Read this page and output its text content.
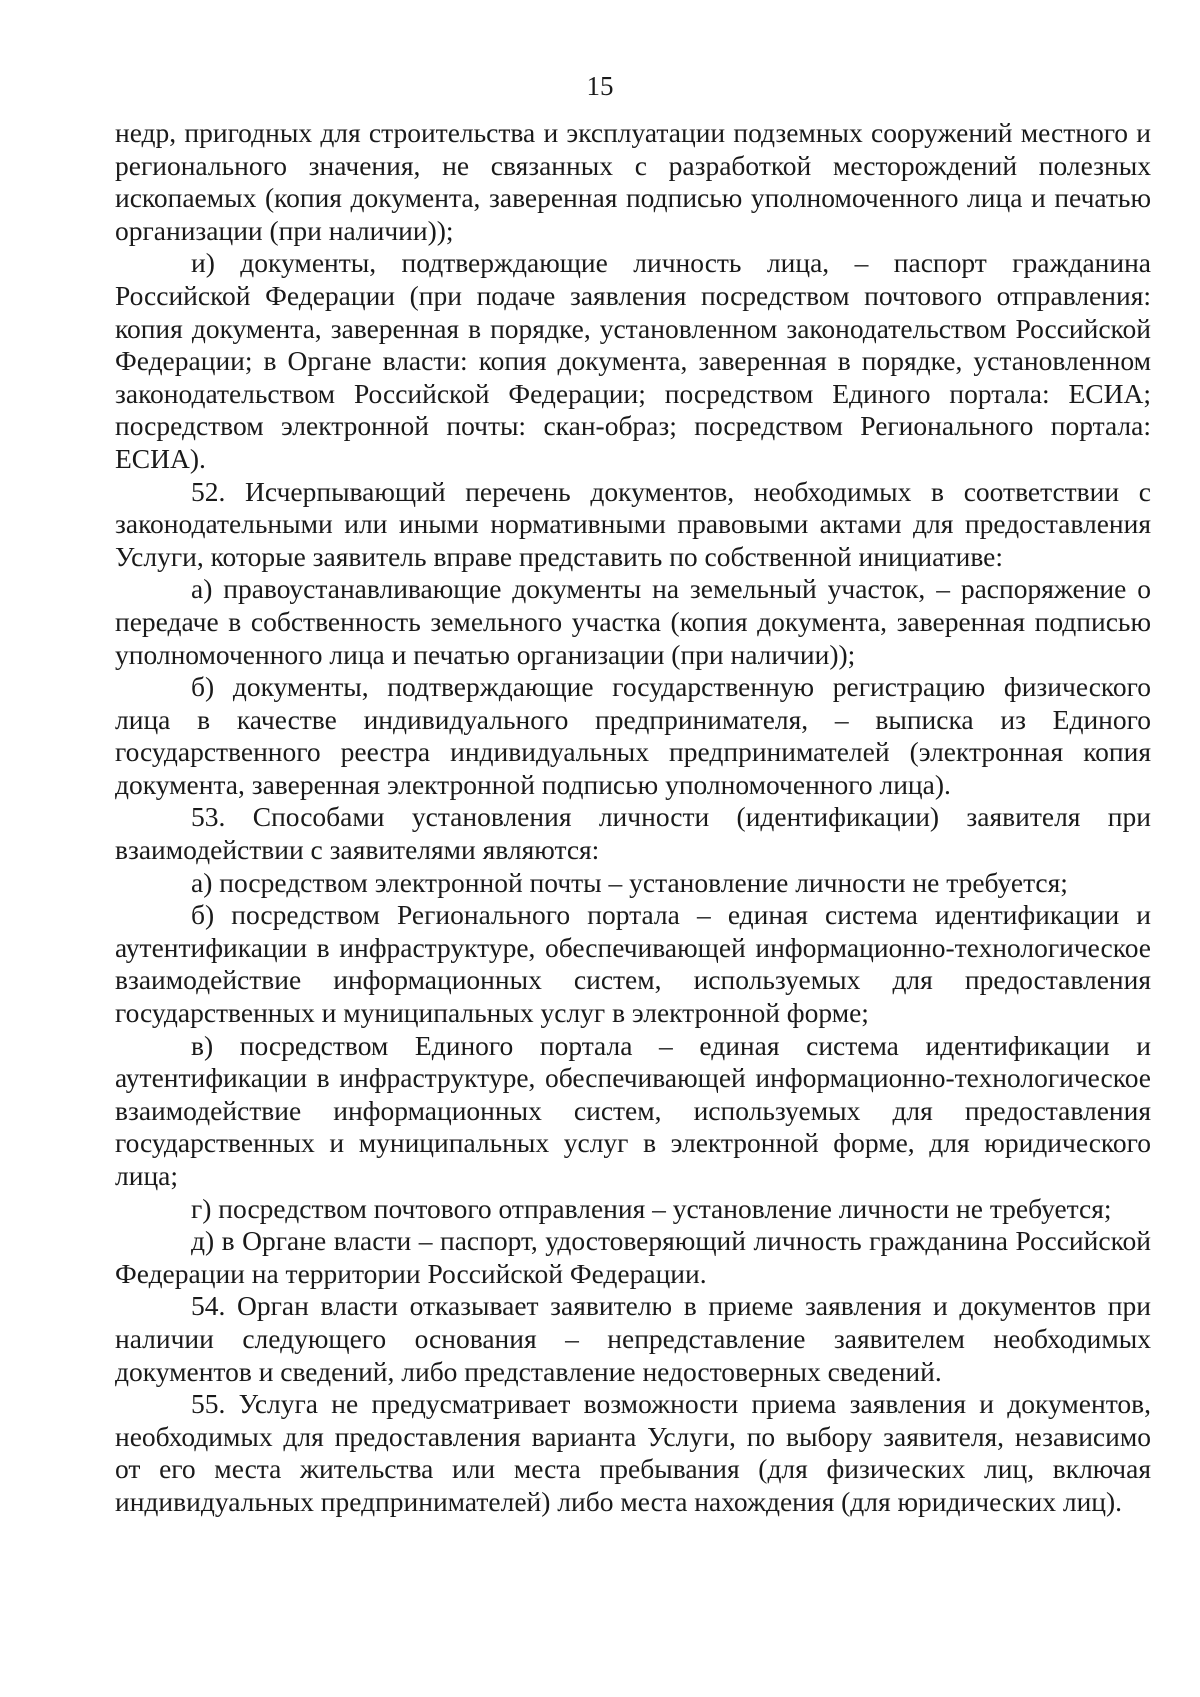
15

недр, пригодных для строительства и эксплуатации подземных сооружений местного и регионального значения, не связанных с разработкой месторождений полезных ископаемых (копия документа, заверенная подписью уполномоченного лица и печатью организации (при наличии));

и) документы, подтверждающие личность лица, – паспорт гражданина Российской Федерации (при подаче заявления посредством почтового отправления: копия документа, заверенная в порядке, установленном законодательством Российской Федерации; в Органе власти: копия документа, заверенная в порядке, установленном законодательством Российской Федерации; посредством Единого портала: ЕСИА; посредством электронной почты: скан-образ; посредством Регионального портала: ЕСИА).

52. Исчерпывающий перечень документов, необходимых в соответствии с законодательными или иными нормативными правовыми актами для предоставления Услуги, которые заявитель вправе представить по собственной инициативе:

а) правоустанавливающие документы на земельный участок, – распоряжение о передаче в собственность земельного участка (копия документа, заверенная подписью уполномоченного лица и печатью организации (при наличии));

б) документы, подтверждающие государственную регистрацию физического лица в качестве индивидуального предпринимателя, – выписка из Единого государственного реестра индивидуальных предпринимателей (электронная копия документа, заверенная электронной подписью уполномоченного лица).

53. Способами установления личности (идентификации) заявителя при взаимодействии с заявителями являются:

а) посредством электронной почты – установление личности не требуется;

б) посредством Регионального портала – единая система идентификации и аутентификации в инфраструктуре, обеспечивающей информационно-технологическое взаимодействие информационных систем, используемых для предоставления государственных и муниципальных услуг в электронной форме;

в) посредством Единого портала – единая система идентификации и аутентификации в инфраструктуре, обеспечивающей информационно-технологическое взаимодействие информационных систем, используемых для предоставления государственных и муниципальных услуг в электронной форме, для юридического лица;

г) посредством почтового отправления – установление личности не требуется;

д) в Органе власти – паспорт, удостоверяющий личность гражданина Российской Федерации на территории Российской Федерации.

54. Орган власти отказывает заявителю в приеме заявления и документов при наличии следующего основания – непредставление заявителем необходимых документов и сведений, либо представление недостоверных сведений.

55. Услуга не предусматривает возможности приема заявления и документов, необходимых для предоставления варианта Услуги, по выбору заявителя, независимо от его места жительства или места пребывания (для физических лиц, включая индивидуальных предпринимателей) либо места нахождения (для юридических лиц).
